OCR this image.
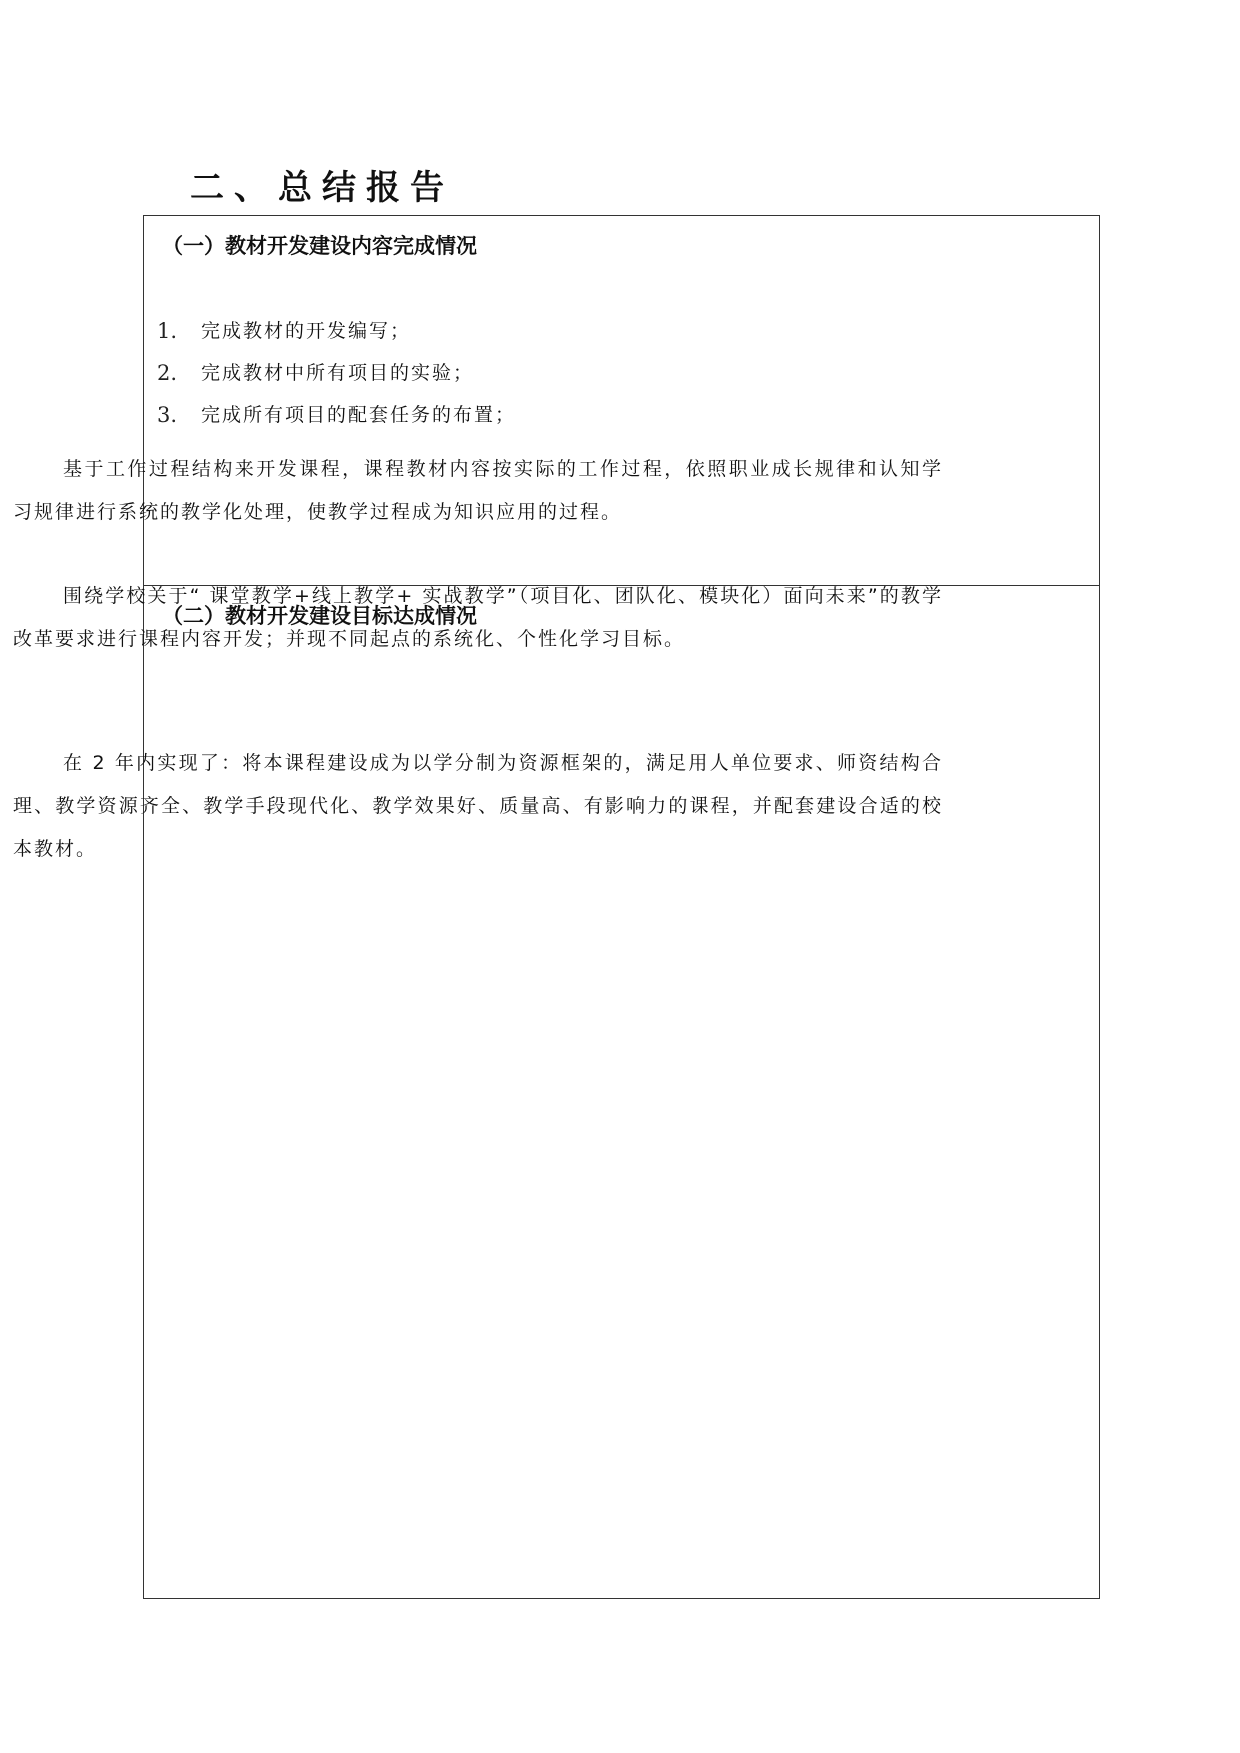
二、总结报告
（一）教材开发建设内容完成情况
1.	完成教材的开发编写；
2.	完成教材中所有项目的实验；
3.	完成所有项目的配套任务的布置；
（二）教材开发建设目标达成情况

基于工作过程结构来开发课程，课程教材内容按实际的工作过程，依照职业成长规律和认知学习规律进行系统的教学化处理，使教学过程成为知识应用的过程。

围绕学校关于“ 课堂教学+线上教学+ 实战教学”（项目化、团队化、模块化）面向未来”的教学改革要求进行课程内容开发；并现不同起点的系统化、个性化学习目标。

在 2 年内实现了：将本课程建设成为以学分制为资源框架的，满足用人单位要求、师资结构合理、教学资源齐全、教学手段现代化、教学效果好、质量高、有影响力的课程，并配套建设合适的校本教材。
